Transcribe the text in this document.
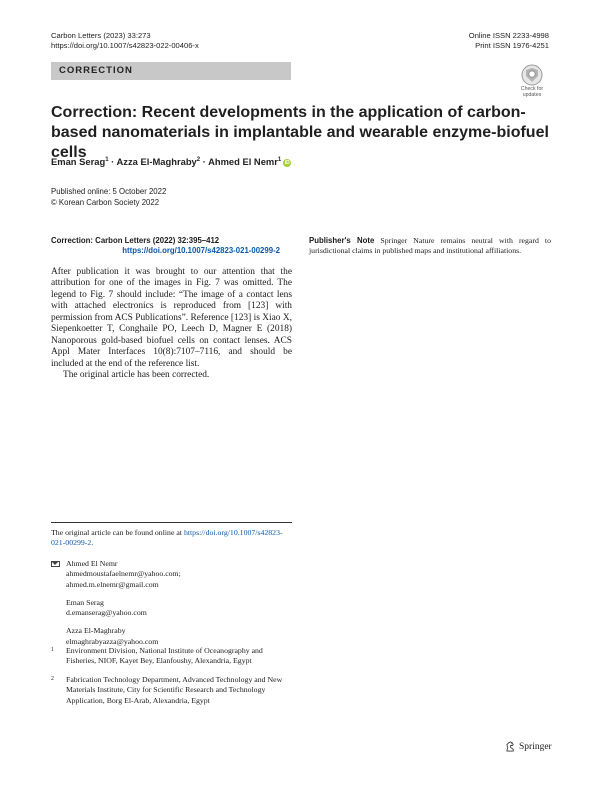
Carbon Letters (2023) 33:273
https://doi.org/10.1007/s42823-022-00406-x
Online ISSN 2233-4998
Print ISSN 1976-4251
CORRECTION
Check for
updates
Correction: Recent developments in the application of carbon-based nanomaterials in implantable and wearable enzyme-biofuel cells
Eman Serag$^1$ · Azza El-Maghraby$^2$ · Ahmed El Nemr$^1$iD
Published online: 5 October 2022
© Korean Carbon Society 2022
Correction: Carbon Letters (2022) 32:395–412
https://doi.org/10.1007/s42823-021-00299-2

After publication it was brought to our attention that the attribution for one of the images in Fig. 7 was omitted. The legend to Fig. 7 should include: “The image of a contact lens with attached electronics is reproduced from [123] with permission from ACS Publications”. Reference [123] is Xiao X, Siepenkoetter T, Conghaile PO, Leech D, Magner E (2018) Nanoporous gold-based biofuel cells on contact lenses. ACS Appl Mater Interfaces 10(8):7107–7116, and should be included at the end of the reference list.

The original article has been corrected.

Publisher's Note Springer Nature remains neutral with regard to jurisdictional claims in published maps and institutional affiliations.
The original article can be found online at https://doi.org/10.1007/s42823-021-00299-2.
Ahmed El Nemr
ahmedmoustafaelnemr@yahoo.com;
ahmed.m.elnemr@gmail.com
Eman Serag
d.emanserag@yahoo.com
Azza El-Maghraby
elmaghrabyazza@yahoo.com
1 Environment Division, National Institute of Oceanography and Fisheries, NIOF, Kayet Bey, Elanfoushy, Alexandria, Egypt
2 Fabrication Technology Department, Advanced Technology and New Materials Institute, City for Scientific Research and Technology Application, Borg El-Arab, Alexandria, Egypt
Springer
